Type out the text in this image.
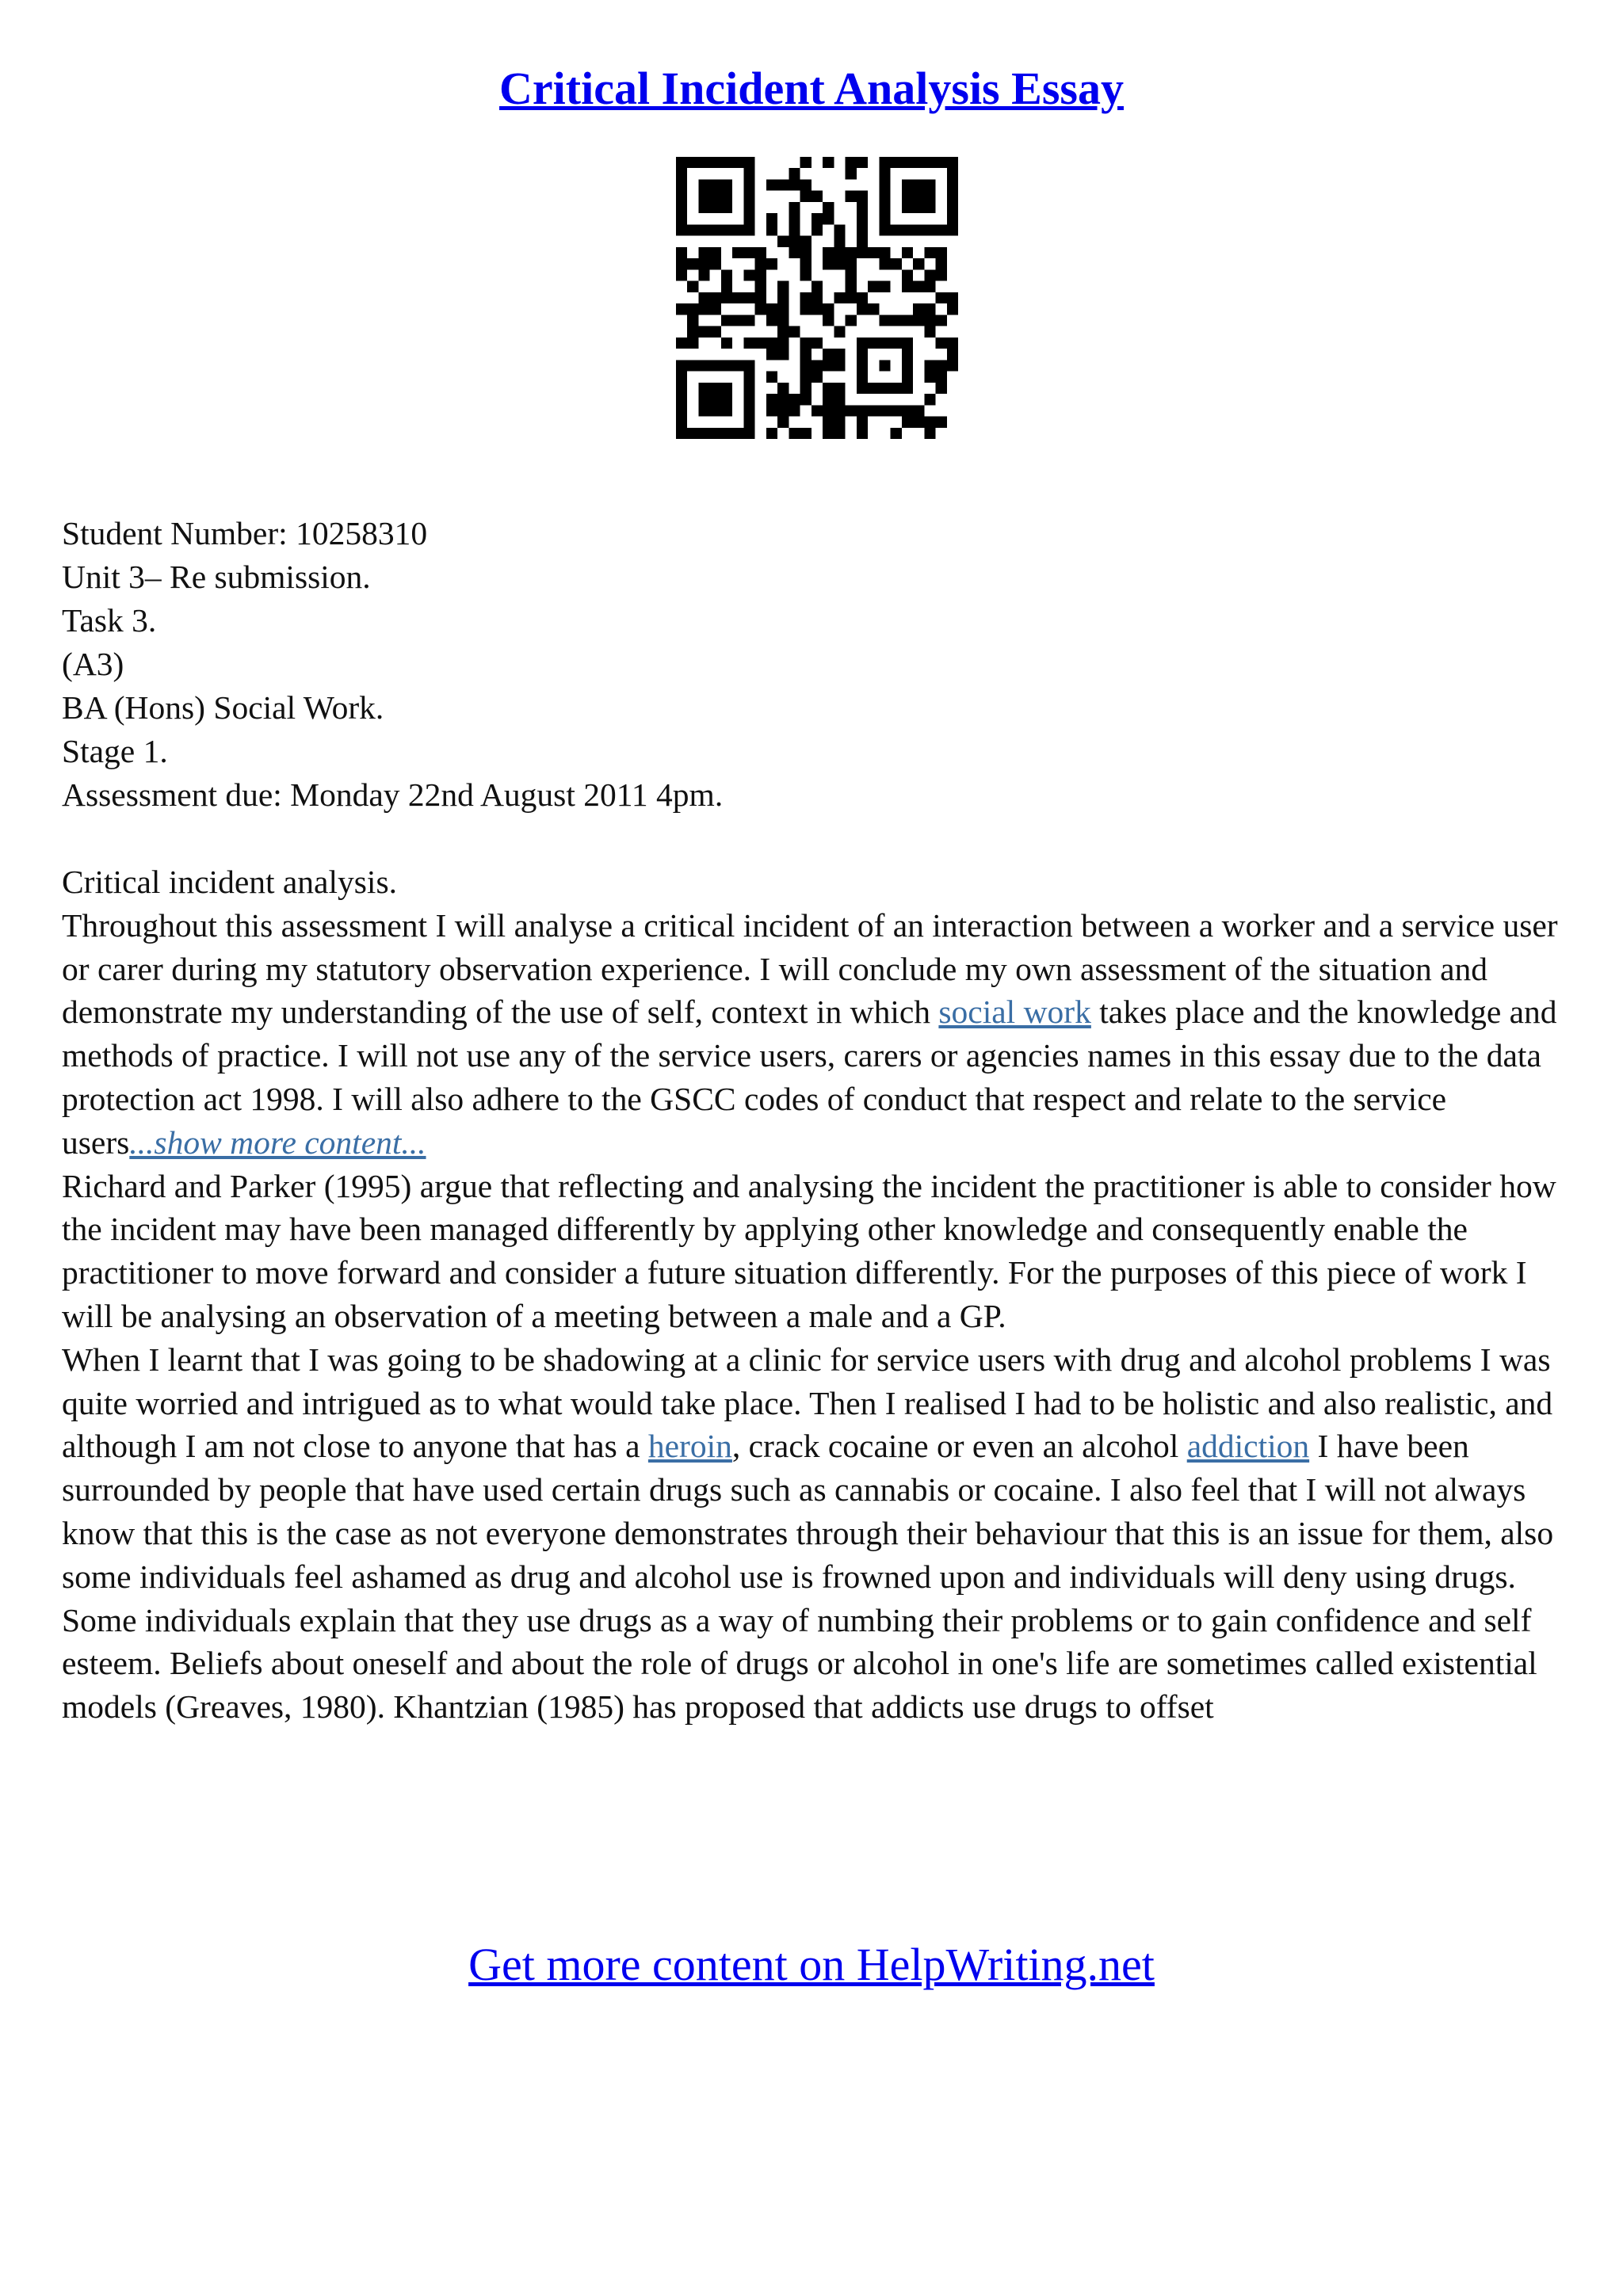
Critical Incident Analysis Essay
Student Number: 10258310
Unit 3– Re submission.
Task 3.
(A3)
BA (Hons) Social Work.
Stage 1.
Assessment due: Monday 22nd August 2011 4pm.

Critical incident analysis.

Throughout this assessment I will analyse a critical incident of an interaction between a worker and a service user or carer during my statutory observation experience. I will conclude my own assessment of the situation and demonstrate my understanding of the use of self, context in which social work takes place and the knowledge and methods of practice. I will not use any of the service users, carers or agencies names in this essay due to the data protection act 1998. I will also adhere to the GSCC codes of conduct that respect and relate to the service users...show more content...

Richard and Parker (1995) argue that reflecting and analysing the incident the practitioner is able to consider how the incident may have been managed differently by applying other knowledge and consequently enable the practitioner to move forward and consider a future situation differently. For the purposes of this piece of work I will be analysing an observation of a meeting between a male and a GP.

When I learnt that I was going to be shadowing at a clinic for service users with drug and alcohol problems I was quite worried and intrigued as to what would take place. Then I realised I had to be holistic and also realistic, and although I am not close to anyone that has a heroin, crack cocaine or even an alcohol addiction I have been surrounded by people that have used certain drugs such as cannabis or cocaine. I also feel that I will not always know that this is the case as not everyone demonstrates through their behaviour that this is an issue for them, also some individuals feel ashamed as drug and alcohol use is frowned upon and individuals will deny using drugs. Some individuals explain that they use drugs as a way of numbing their problems or to gain confidence and self esteem. Beliefs about oneself and about the role of drugs or alcohol in one's life are sometimes called existential models (Greaves, 1980). Khantzian (1985) has proposed that addicts use drugs to offset

Get more content on HelpWriting.net
